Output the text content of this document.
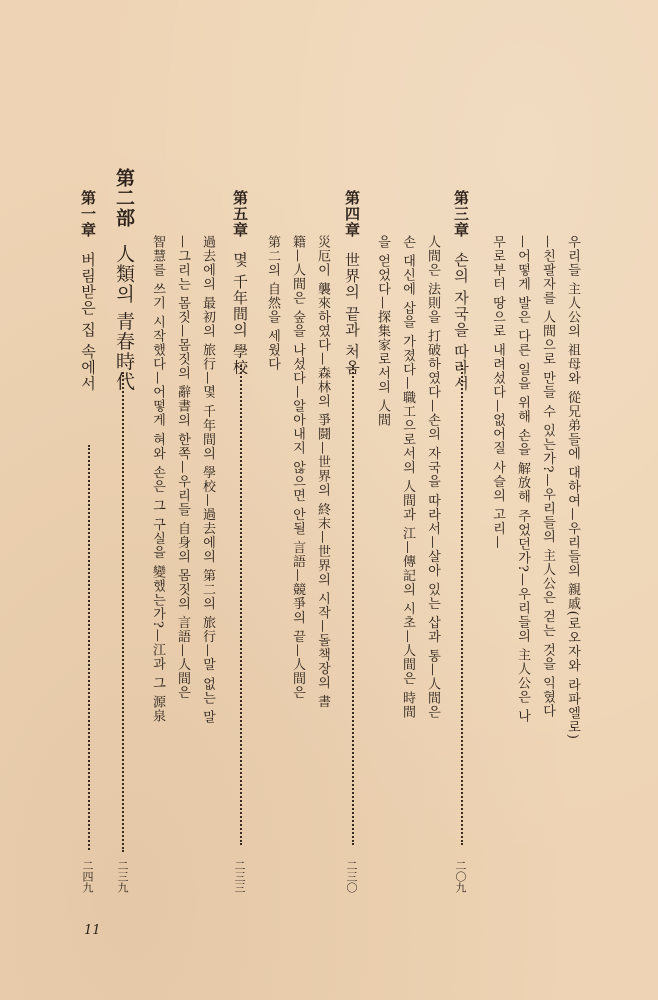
第三章손의 자국을 따라서
二〇九
우리들 主人公의 祖母와 從兄弟들에 대하여—우리들의 親戚(로오자와 라파엘로)
—친팔자를 人間으로 만들 수 있는가?—우리들의 主人公은 걷는 것을 익혔다
—어떻게 발은 다른 일을 위해 손을 解放해 주었던가?—우리들의 主人公은 나
무로부터 땅으로 내려섰다—없어질 사슬의 고리—
第四章世界의 끝과 처음
二三〇
人間은 法則을 打破하였다—손의 자국을 따라서—살아 있는 삽과 통—人間은
손 대신에 삽을 가졌다—職工으로서의 人間과 江—傳記의 시초—人間은 時間
을 얻었다—探集家로서의 人間
第五章몇 千年間의 學校
二三三
災厄이 襲來하였다—森林의 爭鬪—世界의 終末—世界의 시작—돌책장의 書
籍—人間은 숲을 나섰다—알아내지 않으면 안될 言語—競爭의 끝—人間은
第二의 自然을 세웠다
第二部人類의 青春時代
二三九
第一章버림받은 집 속에서
二四九
過去에의 最初의 旅行—몇 千年間의 學校—過去에의 第二의 旅行—말 없는 말
—그리는 몸짓—몸짓의 辭書의 한쪽—우리들 自身의 몸짓의 言語—人間은
智慧를 쓰기 시작했다—어떻게 혀와 손은 그 구실을 變했는가?—江과 그 源泉
11
